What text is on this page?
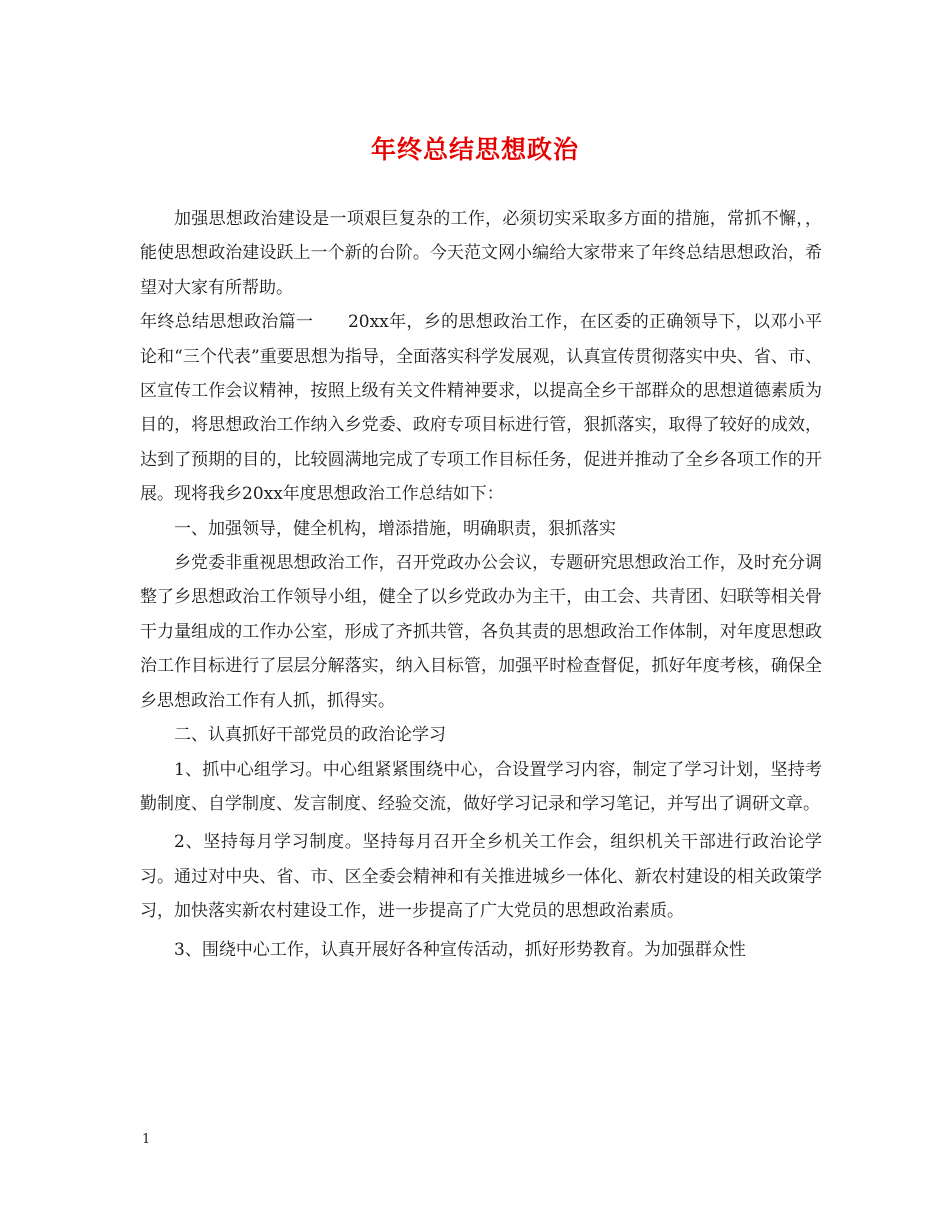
年终总结思想政治

加强思想政治建设是一项艰巨复杂的工作，必须切实采取多方面的措施，常抓不懈，，能使思想政治建设跃上一个新的台阶。今天范文网小编给大家带来了年终总结思想政治，希望对大家有所帮助。

年终总结思想政治篇一　　20xx年，乡的思想政治工作，在区委的正确领导下，以邓小平论和“三个代表”重要思想为指导，全面落实科学发展观，认真宣传贯彻落实中央、省、市、区宣传工作会议精神，按照上级有关文件精神要求，以提高全乡干部群众的思想道德素质为目的，将思想政治工作纳入乡党委、政府专项目标进行管，狠抓落实，取得了较好的成效，达到了预期的目的，比较圆满地完成了专项工作目标任务，促进并推动了全乡各项工作的开展。现将我乡20xx年度思想政治工作总结如下：

一、加强领导，健全机构，增添措施，明确职责，狠抓落实

乡党委非重视思想政治工作，召开党政办公会议，专题研究思想政治工作，及时充分调整了乡思想政治工作领导小组，健全了以乡党政办为主干，由工会、共青团、妇联等相关骨干力量组成的工作办公室，形成了齐抓共管，各负其责的思想政治工作体制，对年度思想政治工作目标进行了层层分解落实，纳入目标管，加强平时检查督促，抓好年度考核，确保全乡思想政治工作有人抓，抓得实。

二、认真抓好干部党员的政治论学习

1、抓中心组学习。中心组紧紧围绕中心，合设置学习内容，制定了学习计划，坚持考勤制度、自学制度、发言制度、经验交流，做好学习记录和学习笔记，并写出了调研文章。

2、坚持每月学习制度。坚持每月召开全乡机关工作会，组织机关干部进行政治论学习。通过对中央、省、市、区全委会精神和有关推进城乡一体化、新农村建设的相关政策学习，加快落实新农村建设工作，进一步提高了广大党员的思想政治素质。

3、围绕中心工作，认真开展好各种宣传活动，抓好形势教育。为加强群众性

1
